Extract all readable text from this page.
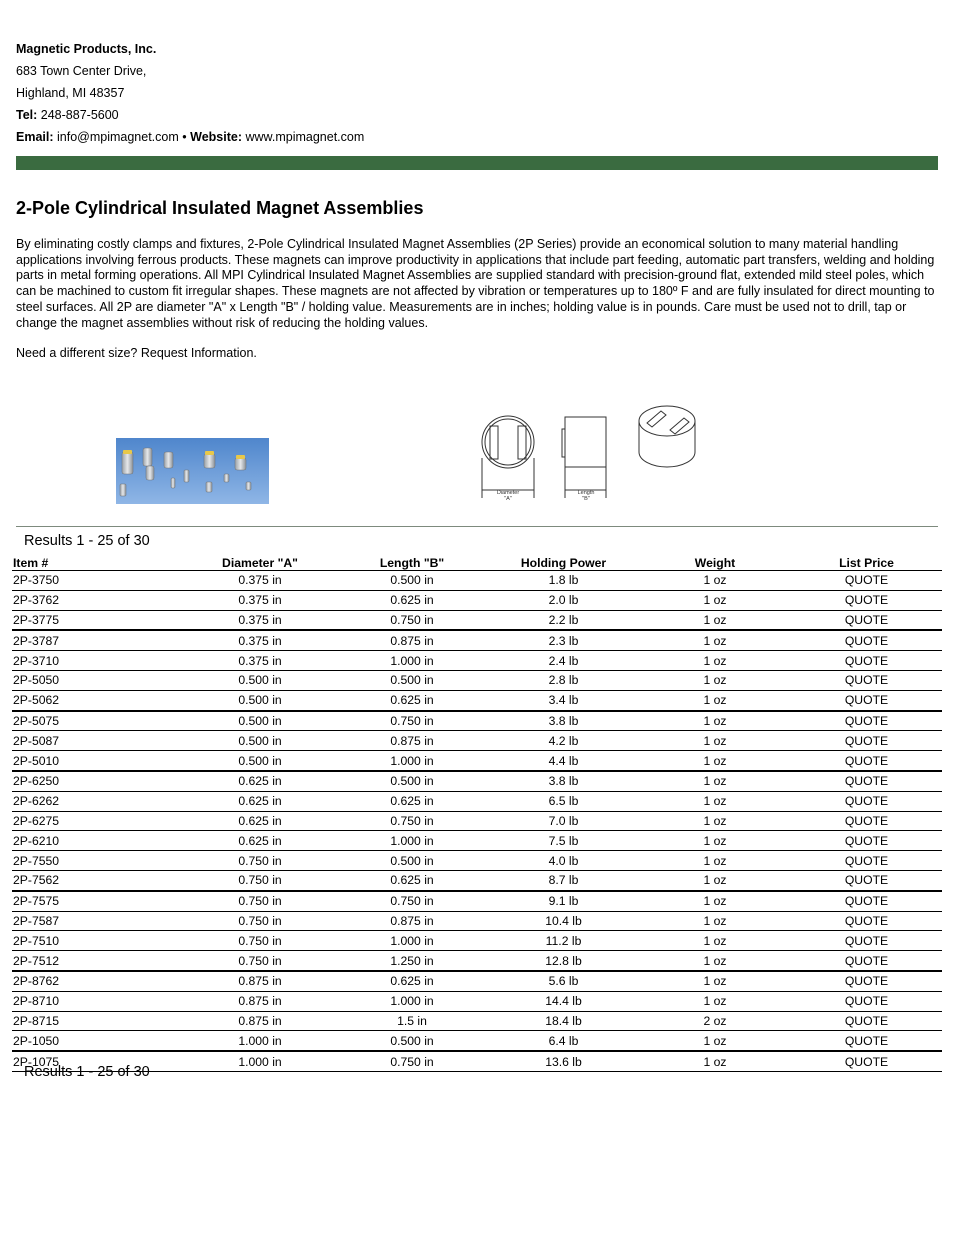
Magnetic Products, Inc.
683 Town Center Drive,
Highland, MI 48357
Tel: 248-887-5600
Email: info@mpimagnet.com • Website: www.mpimagnet.com
2-Pole Cylindrical Insulated Magnet Assemblies

By eliminating costly clamps and fixtures, 2-Pole Cylindrical Insulated Magnet Assemblies (2P Series) provide an economical solution to many material handling applications involving ferrous products. These magnets can improve productivity in applications that include part feeding, automatic part transfers, welding and holding parts in metal forming operations. All MPI Cylindrical Insulated Magnet Assemblies are supplied standard with precision-ground flat, extended mild steel poles, which can be machined to custom fit irregular shapes. These magnets are not affected by vibration or temperatures up to 180º F and are fully insulated for direct mounting to steel surfaces. All 2P are diameter "A" x Length "B" / holding value. Measurements are in inches; holding value is in pounds. Care must be used not to drill, tap or change the magnet assemblies without risk of reducing the holding values.

Need a different size? Request Information.

Diameter
"A"
Length
"B"
Results 1 - 25 of 30
Item #	Diameter "A"	Length "B"	Holding Power	Weight	List Price
2P-3750	0.375 in	0.500 in	1.8 lb	1 oz	QUOTE
2P-3762	0.375 in	0.625 in	2.0 lb	1 oz	QUOTE
2P-3775	0.375 in	0.750 in	2.2 lb	1 oz	QUOTE
2P-3787	0.375 in	0.875 in	2.3 lb	1 oz	QUOTE
2P-3710	0.375 in	1.000 in	2.4 lb	1 oz	QUOTE
2P-5050	0.500 in	0.500 in	2.8 lb	1 oz	QUOTE
2P-5062	0.500 in	0.625 in	3.4 lb	1 oz	QUOTE
2P-5075	0.500 in	0.750 in	3.8 lb	1 oz	QUOTE
2P-5087	0.500 in	0.875 in	4.2 lb	1 oz	QUOTE
2P-5010	0.500 in	1.000 in	4.4 lb	1 oz	QUOTE
2P-6250	0.625 in	0.500 in	3.8 lb	1 oz	QUOTE
2P-6262	0.625 in	0.625 in	6.5 lb	1 oz	QUOTE
2P-6275	0.625 in	0.750 in	7.0 lb	1 oz	QUOTE
2P-6210	0.625 in	1.000 in	7.5 lb	1 oz	QUOTE
2P-7550	0.750 in	0.500 in	4.0 lb	1 oz	QUOTE
2P-7562	0.750 in	0.625 in	8.7 lb	1 oz	QUOTE
2P-7575	0.750 in	0.750 in	9.1 lb	1 oz	QUOTE
2P-7587	0.750 in	0.875 in	10.4 lb	1 oz	QUOTE
2P-7510	0.750 in	1.000 in	11.2 lb	1 oz	QUOTE
2P-7512	0.750 in	1.250 in	12.8 lb	1 oz	QUOTE
2P-8762	0.875 in	0.625 in	5.6 lb	1 oz	QUOTE
2P-8710	0.875 in	1.000 in	14.4 lb	1 oz	QUOTE
2P-8715	0.875 in	1.5 in	18.4 lb	2 oz	QUOTE
2P-1050	1.000 in	0.500 in	6.4 lb	1 oz	QUOTE
2P-1075	1.000 in	0.750 in	13.6 lb	1 oz	QUOTE
Results 1 - 25 of 30
